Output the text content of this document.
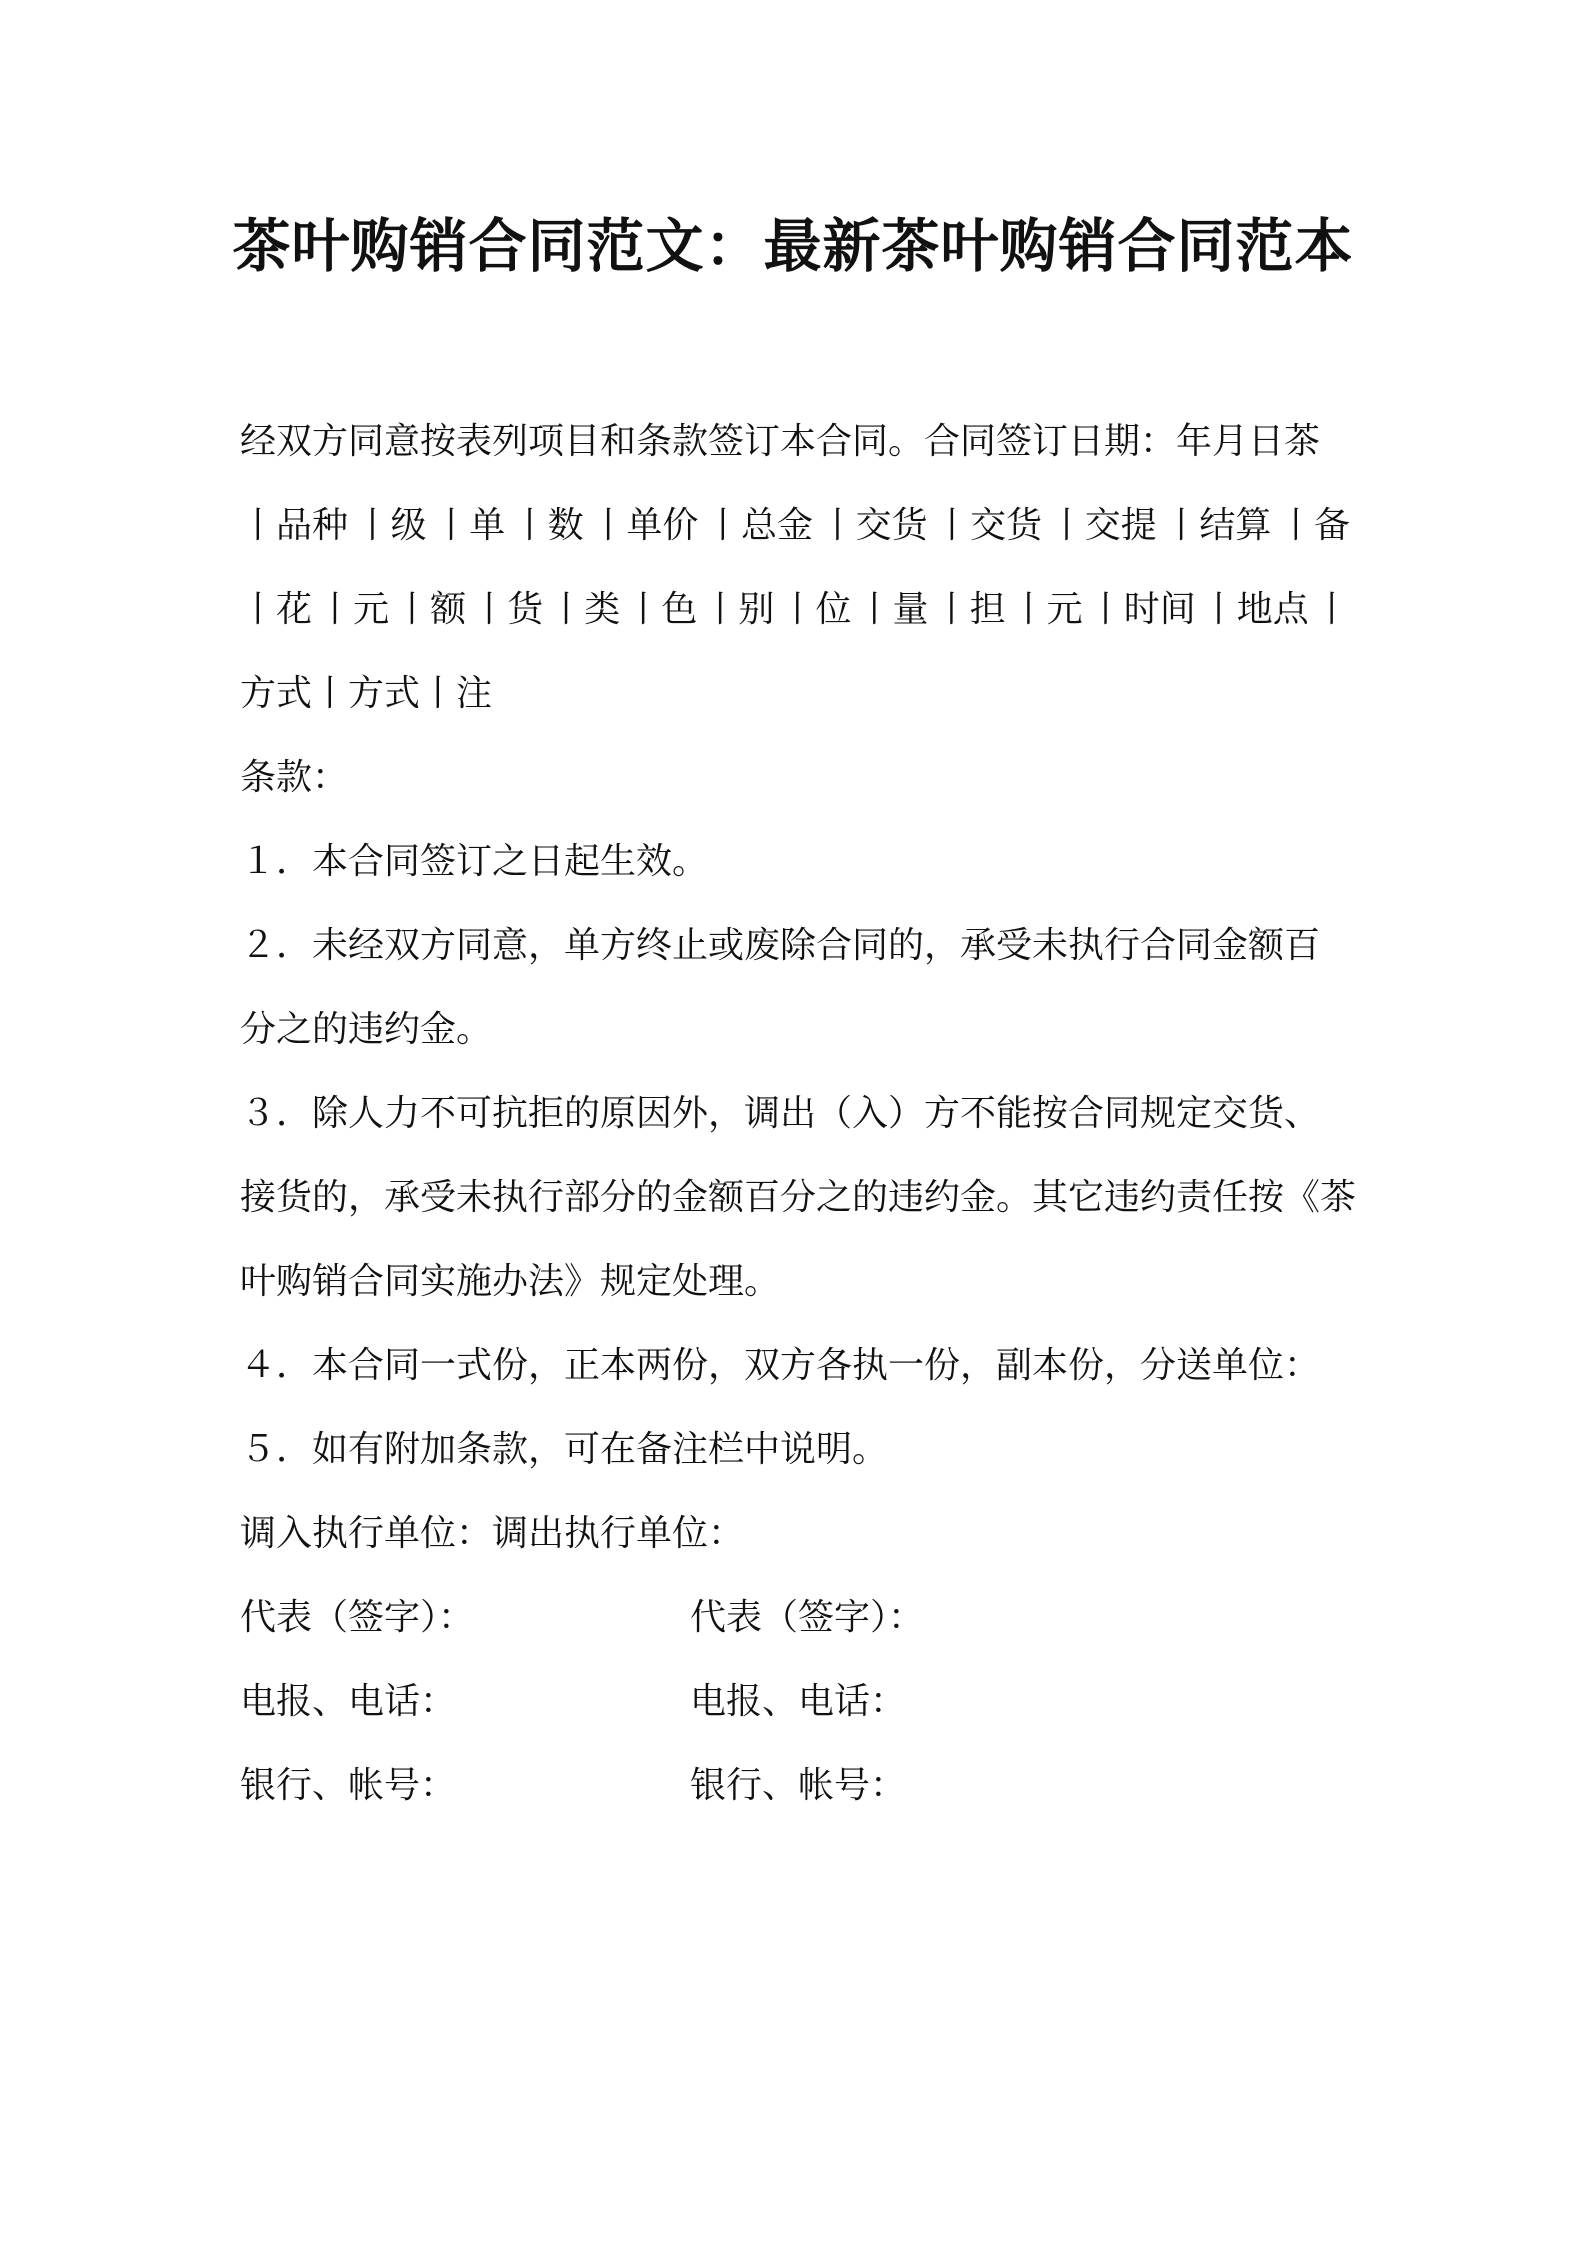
茶叶购销合同范文：最新茶叶购销合同范本
经双方同意按表列项目和条款签订本合同。合同签订日期：年月日茶
丨品种 丨级 丨单 丨数 丨单价 丨总金 丨交货 丨交货 丨交提 丨结算 丨备
丨花 丨元 丨额 丨货 丨类 丨色 丨别 丨位 丨量 丨担 丨元 丨时间 丨地点 丨
方式丨方式丨注
条款：
１．本合同签订之日起生效。
２．未经双方同意，单方终止或废除合同的，承受未执行合同金额百
分之的违约金。
３．除人力不可抗拒的原因外，调出（入）方不能按合同规定交货、
接货的，承受未执行部分的金额百分之的违约金。其它违约责任按《茶
叶购销合同实施办法》规定处理。
４．本合同一式份，正本两份，双方各执一份，副本份，分送单位：
５．如有附加条款，可在备注栏中说明。
调入执行单位：调出执行单位：
代表（签字）：	代表（签字）：
电报、电话：	电报、电话：
银行、帐号：	银行、帐号：
